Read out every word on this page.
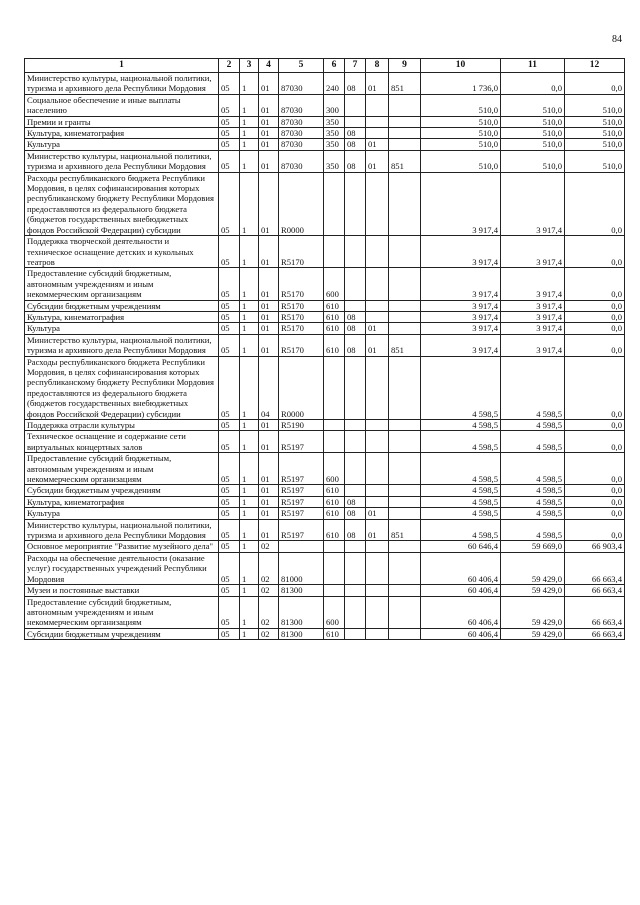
84
1	2	3	4	5	6	7	8	9	10	11	12
Министерство культуры, национальной политики, туризма и архивного дела Республики Мордовия	05	1	01	87030	240	08	01	851	1 736,0	0,0	0,0
Социальное обеспечение и иные выплаты населению	05	1	01	87030	300				510,0	510,0	510,0
Премии и гранты	05	1	01	87030	350				510,0	510,0	510,0
Культура, кинематография	05	1	01	87030	350	08			510,0	510,0	510,0
Культура	05	1	01	87030	350	08	01		510,0	510,0	510,0
Министерство культуры, национальной политики, туризма и архивного дела Республики Мордовия	05	1	01	87030	350	08	01	851	510,0	510,0	510,0
Расходы республиканского бюджета Республики Мордовия, в целях софинансирования которых республиканскому бюджету Республики Мордовия предоставляются из федерального бюджета (бюджетов государственных внебюджетных фондов Российской Федерации) субсидии	05	1	01	R0000					3 917,4	3 917,4	0,0
Поддержка творческой деятельности и техническое оснащение детских и кукольных театров	05	1	01	R5170					3 917,4	3 917,4	0,0
Предоставление субсидий бюджетным, автономным учреждениям и иным некоммерческим организациям	05	1	01	R5170	600				3 917,4	3 917,4	0,0
Субсидии бюджетным учреждениям	05	1	01	R5170	610				3 917,4	3 917,4	0,0
Культура, кинематография	05	1	01	R5170	610	08			3 917,4	3 917,4	0,0
Культура	05	1	01	R5170	610	08	01		3 917,4	3 917,4	0,0
Министерство культуры, национальной политики, туризма и архивного дела Республики Мордовия	05	1	01	R5170	610	08	01	851	3 917,4	3 917,4	0,0
Расходы республиканского бюджета Республики Мордовия, в целях софинансирования которых республиканскому бюджету Республики Мордовия предоставляются из федерального бюджета (бюджетов государственных внебюджетных фондов Российской Федерации) субсидии	05	1	04	R0000					4 598,5	4 598,5	0,0
Поддержка отрасли культуры	05	1	01	R5190					4 598,5	4 598,5	0,0
Техническое оснащение и содержание сети виртуальных концертных залов	05	1	01	R5197					4 598,5	4 598,5	0,0
Предоставление субсидий бюджетным, автономным учреждениям и иным некоммерческим организациям	05	1	01	R5197	600				4 598,5	4 598,5	0,0
Субсидии бюджетным учреждениям	05	1	01	R5197	610				4 598,5	4 598,5	0,0
Культура, кинематография	05	1	01	R5197	610	08			4 598,5	4 598,5	0,0
Культура	05	1	01	R5197	610	08	01		4 598,5	4 598,5	0,0
Министерство культуры, национальной политики, туризма и архивного дела Республики Мордовия	05	1	01	R5197	610	08	01	851	4 598,5	4 598,5	0,0
Основное мероприятие "Развитие музейного дела"	05	1	02						60 646,4	59 669,0	66 903,4
Расходы на обеспечение деятельности (оказание услуг) государственных учреждений Республики Мордовия	05	1	02	81000					60 406,4	59 429,0	66 663,4
Музеи и постоянные выставки	05	1	02	81300					60 406,4	59 429,0	66 663,4
Предоставление субсидий бюджетным, автономным учреждениям и иным некоммерческим организациям	05	1	02	81300	600				60 406,4	59 429,0	66 663,4
Субсидии бюджетным учреждениям	05	1	02	81300	610				60 406,4	59 429,0	66 663,4
